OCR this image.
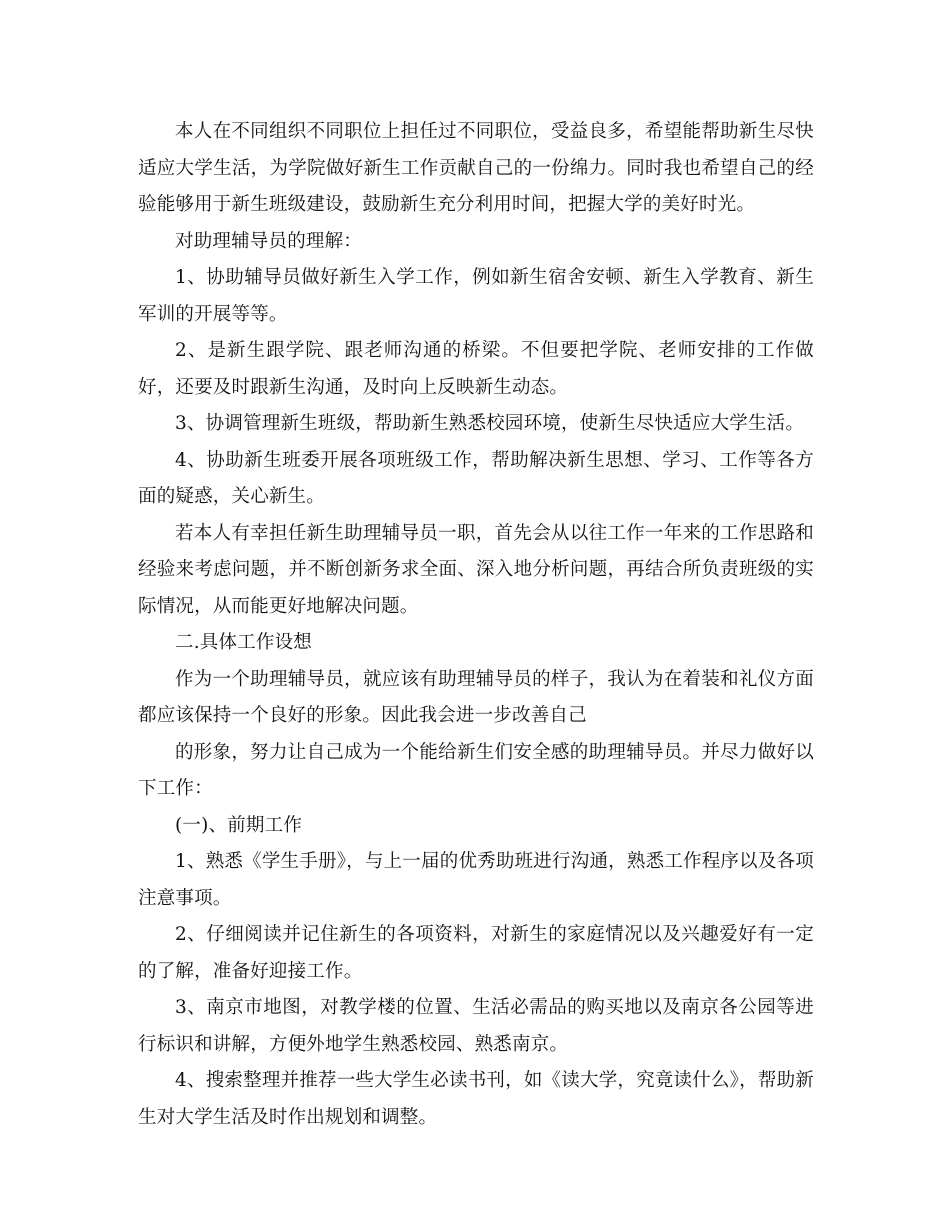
本人在不同组织不同职位上担任过不同职位，受益良多，希望能帮助新生尽快适应大学生活，为学院做好新生工作贡献自己的一份绵力。同时我也希望自己的经验能够用于新生班级建设，鼓励新生充分利用时间，把握大学的美好时光。

对助理辅导员的理解：

1、协助辅导员做好新生入学工作，例如新生宿舍安顿、新生入学教育、新生军训的开展等等。

2、是新生跟学院、跟老师沟通的桥梁。不但要把学院、老师安排的工作做好，还要及时跟新生沟通，及时向上反映新生动态。

3、协调管理新生班级，帮助新生熟悉校园环境，使新生尽快适应大学生活。

4、协助新生班委开展各项班级工作，帮助解决新生思想、学习、工作等各方面的疑惑，关心新生。

若本人有幸担任新生助理辅导员一职，首先会从以往工作一年来的工作思路和经验来考虑问题，并不断创新务求全面、深入地分析问题，再结合所负责班级的实际情况，从而能更好地解决问题。

二.具体工作设想

作为一个助理辅导员，就应该有助理辅导员的样子，我认为在着装和礼仪方面都应该保持一个良好的形象。因此我会进一步改善自己

的形象，努力让自己成为一个能给新生们安全感的助理辅导员。并尽力做好以下工作：

(一)、前期工作

1、熟悉《学生手册》，与上一届的优秀助班进行沟通，熟悉工作程序以及各项注意事项。

2、仔细阅读并记住新生的各项资料，对新生的家庭情况以及兴趣爱好有一定的了解，准备好迎接工作。

3、南京市地图，对教学楼的位置、生活必需品的购买地以及南京各公园等进行标识和讲解，方便外地学生熟悉校园、熟悉南京。

4、搜索整理并推荐一些大学生必读书刊，如《读大学，究竟读什么》，帮助新生对大学生活及时作出规划和调整。
